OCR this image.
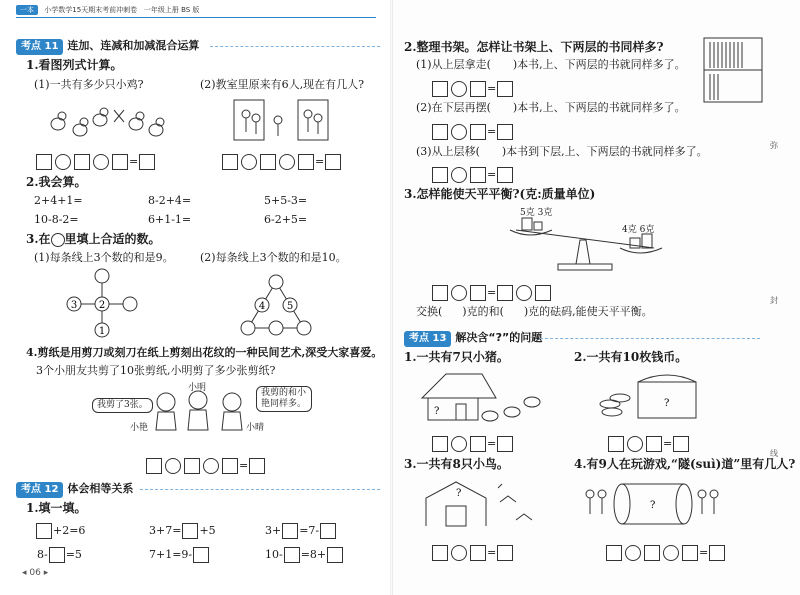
一本 小学数学15天期末考前冲刺卷 一年级上册 BS 版
考点 11 连加、连减和加减混合运算
1.看图列式计算。
(1)一共有多少只小鸡?	(2)教室里原来有6人,现在有几人?
=	=
2.我会算。
2+4+1=	8-2+4=	5+5-3=
10-8-2=	6+1-1=	6-2+5=
3.在 里填上合适的数。
(1)每条线上3个数的和是9。 (2)每条线上3个数的和是10。
3 2
1
4 5
4.剪纸是用剪刀或刻刀在纸上剪刻出花纹的一种民间艺术,深受大家喜爱。
3个小朋友共剪了10张剪纸,小明剪了多少张剪纸?
小明
我剪了3张。
我剪的和小艳同样多。
小艳	小晴
=
考点 12 体会相等关系
1.填一填。
+2=6	3+7= +5	3+ =7-
8- =5	7+1=9-	10- =8+
◂ 06 ▸
2.整理书架。怎样让书架上、下两层的书同样多?
(1)从上层拿走( )本书,上、下两层的书就同样多了。
=
(2)在下层再摆( )本书,上、下两层的书就同样多了。
=
(3)从上层移( )本书到下层,上、下两层的书就同样多了。
=
3.怎样能使天平平衡?(克:质量单位)
5克 3克
4克 6克
=
交换( )克的和( )克的砝码,能使天平平衡。
考点 13 解决含“?”的问题
1.一共有7只小猪。	2.一共有10枚钱币。
?
?
=	=
3.一共有8只小鸟。	4.有9人在玩游戏,“隧(suì)道”里有几人?
?
?
=	=
弥
封
线
